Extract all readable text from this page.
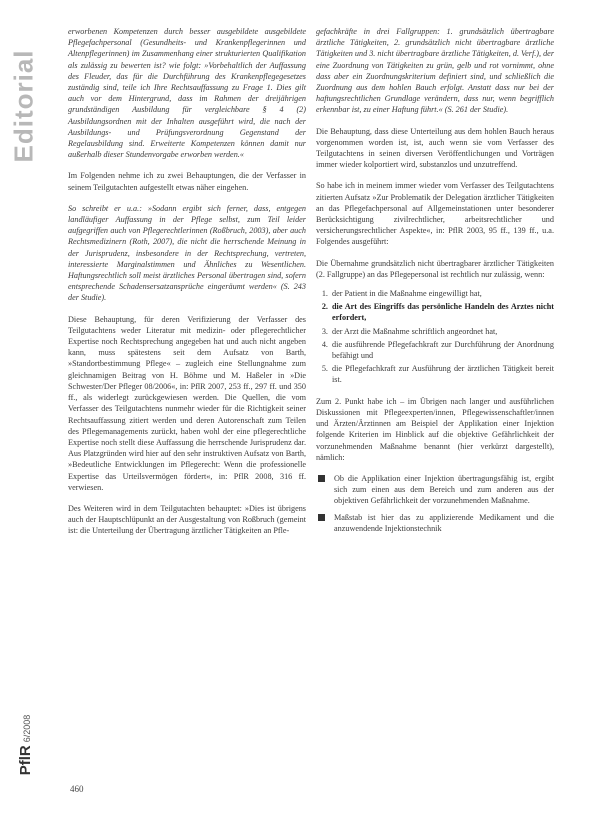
Editorial
PflR6/2008

erworbenen Kompetenzen durch besser ausgebildete ausgebildete Pflegefachpersonal (Gesundheits- und Krankenpflegerinnen und Altenpflegerinnen) im Zusammenhang einer strukturierten Qualifikation als zulässig zu bewerten ist? wie folgt: »Vorbehaltlich der Auffassung des Fleuder, das für die Durchführung des Krankenpflegegesetzes zuständig sind, teile ich Ihre Rechtsauffassung zu Frage 1. Dies gilt auch vor dem Hintergrund, dass im Rahmen der dreijährigen grundständigen Ausbildung für vergleichbare § 4 (2) Ausbildungsordnen mit der Inhalten ausgeführt wird, die nach der Ausbildungs- und Prüfungsverordnung Gegenstand der Regelausbildung sind. Erweiterte Kompetenzen können damit nur außerhalb dieser Stundenvorgabe erworben werden.«

Im Folgenden nehme ich zu zwei Behauptungen, die der Verfasser in seinem Teilgutachten aufgestellt etwas näher eingehen.

So schreibt er u.a.: »Sodann ergibt sich ferner, dass, entgegen landläufiger Auffassung in der Pflege selbst, zum Teil leider aufgegriffen auch von Pflegerechtlerinnen (Roßbruch, 2003), aber auch Rechtsmedizinern (Roth, 2007), die nicht die herrschende Meinung in der Jurisprudenz, insbesondere in der Rechtsprechung, vertreten, interessierte Marginalstimmen und Ähnliches zu Wesentlichen. Haftungsrechtlich soll meist ärztliches Personal übertragen sind, sofern entsprechende Schadensersatzansprüche eingeräumt werden« (S. 243 der Studie).

Diese Behauptung, für deren Verifizierung der Verfasser des Teilgutachtens weder Literatur mit medizin- oder pflegerechtlicher Expertise noch Rechtsprechung angegeben hat und auch nicht angeben kann, muss spätestens seit dem Aufsatz von Barth, »Standortbestimmung Pflege« – zugleich eine Stellungnahme zum gleichnamigen Beitrag von H. Böhme und M. Haßeler in »Die Schwester/Der Pfleger 08/2006«, in: PflR 2007, 253 ff., 297 ff. und 350 ff., als widerlegt zurückgewiesen werden. Die Quellen, die vom Verfasser des Teilgutachtens nunmehr wieder für die Richtigkeit seiner Rechtsauffassung zitiert werden und deren Autorenschaft zum Teilen des Pflegemanagements zurückt, haben wohl der eine pflegerechtliche Expertise noch stellt diese Auffassung die herrschende Jurisprudenz dar. Aus Platzgründen wird hier auf den sehr instruktiven Aufsatz von Barth, »Bedeutliche Entwicklungen im Pflegerecht: Wenn die professionelle Expertise das Urteilsvermögen fördert«, in: PflR 2008, 316 ff. verwiesen.

Des Weiteren wird in dem Teilgutachten behauptet: »Dies ist übrigens auch der Hauptschlüpunkt an der Ausgestaltung von Roßbruch (gemeint ist: die Unterteilung der Übertragung ärztlicher Tätigkeiten an Pfle-

gefachkräfte in drei Fallgruppen: 1. grundsätzlich übertragbare ärztliche Tätigkeiten, 2. grundsätzlich nicht übertragbare ärztliche Tätigkeiten und 3. nicht übertragbare ärztliche Tätigkeiten, d. Verf.), der eine Zuordnung von Tätigkeiten zu grün, gelb und rot vornimmt, ohne dass aber ein Zuordnungskriterium definiert sind, und schließlich die Zuordnung aus dem hohlen Bauch erfolgt. Anstatt dass nur bei der haftungsrechtlichen Grundlage verändern, dass nur, wenn begrifflich erkennbar ist, zu einer Haftung führt.« (S. 261 der Studie).

Die Behauptung, dass diese Unterteilung aus dem hohlen Bauch heraus vorgenommen worden ist, ist, auch wenn sie vom Verfasser des Teilgutachtens in seinen diversen Veröffentlichungen und Vorträgen immer wieder kolportiert wird, substanzlos und unzutreffend.

So habe ich in meinem immer wieder vom Verfasser des Teilgutachtens zitierten Aufsatz »Zur Problematik der Delegation ärztlicher Tätigkeiten an das Pflegefachpersonal auf Allgemeinstationen unter besonderer Berücksichtigung zivilrechtlicher, arbeitsrechtlicher und versicherungsrechtlicher Aspekte«, in: PflR 2003, 95 ff., 139 ff., u.a. Folgendes ausgeführt:

Die Übernahme grundsätzlich nicht übertragbarer ärztlicher Tätigkeiten (2. Fallgruppe) an das Pflegepersonal ist rechtlich nur zulässig, wenn:

1. der Patient in die Maßnahme eingewilligt hat,
2. die Art des Eingriffs das persönliche Handeln des Arztes nicht erfordert,
3. der Arzt die Maßnahme schriftlich angeordnet hat,
4. die ausführende Pflegefachkraft zur Durchführung der Anordnung befähigt und
5. die Pflegefachkraft zur Ausführung der ärztlichen Tätigkeit bereit ist.

Zum 2. Punkt habe ich – im Übrigen nach langer und ausführlichen Diskussionen mit Pflegeexperten/innen, Pflegewissenschaftler/innen und Ärzten/Ärztinnen am Beispiel der Applikation einer Injektion folgende Kriterien im Hinblick auf die objektive Gefährlichkeit der vorzunehmenden Maßnahme benannt (hier verkürzt dargestellt), nämlich:

Ob die Applikation einer Injektion übertragungsfähig ist, ergibt sich zum einen aus dem Bereich und zum anderen aus der objektiven Gefährlichkeit der vorzunehmenden Maßnahme.
Maßstab ist hier das zu applizierende Medikament und die anzuwendende Injektionstechnik
460
